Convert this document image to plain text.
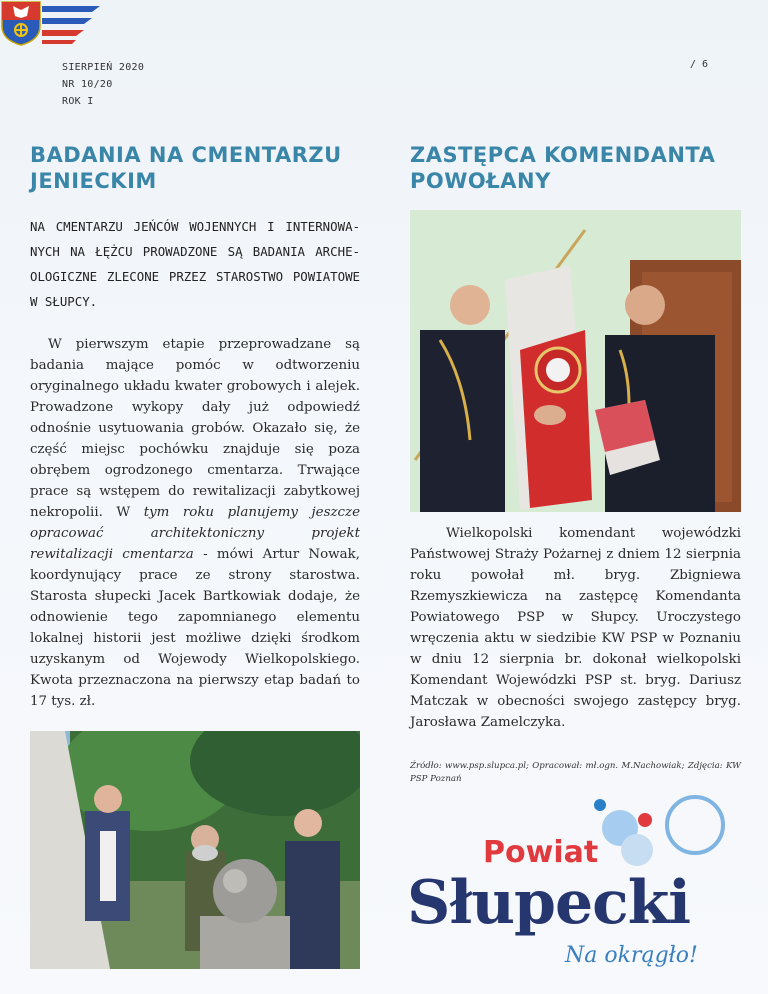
SIERPIEŃ 2020
NR 10/20
ROK I
/ 6
BADANIA NA CMENTARZU JENIECKIM

NA CMENTARZU JEŃCÓW WOJENNYCH I INTERNOWANYCH NA ŁĘŻCU PROWADZONE SĄ BADANIA ARCHEOLOGICZNE ZLECONE PRZEZ STAROSTWO POWIATOWE W SŁUPCY.

W pierwszym etapie przeprowadzane są badania mające pomóc w odtworzeniu oryginalnego układu kwater grobowych i alejek. Prowadzone wykopy dały już odpowiedź odnośnie usytuowania grobów. Okazało się, że część miejsc pochówku znajduje się poza obrębem ogrodzonego cmentarza. Trwające prace są wstępem do rewitalizacji zabytkowej nekropolii. W tym roku planujemy jeszcze opracować architektoniczny projekt rewitalizacji cmentarza - mówi Artur Nowak, koordynujący prace ze strony starostwa. Starosta słupecki Jacek Bartkowiak dodaje, że odnowienie tego zapomnianego elementu lokalnej historii jest możliwe dzięki środkom uzyskanym od Wojewody Wielkopolskiego. Kwota przeznaczona na pierwszy etap badań to 17 tys. zł.

ZASTĘPCA KOMENDANTA POWOŁANY

Wielkopolski komendant wojewódzki Państwowej Straży Pożarnej z dniem 12 sierpnia roku powołał mł. bryg. Zbigniewa Rzemyszkiewicza na zastępcę Komendanta Powiatowego PSP w Słupcy. Uroczystego wręczenia aktu w siedzibie KW PSP w Poznaniu w dniu 12 sierpnia br. dokonał wielkopolski Komendant Wojewódzki PSP st. bryg. Dariusz Matczak w obecności swojego zastępcy bryg. Jarosława Zamelczyka.

Źródło: www.psp.slupca.pl; Opracował: mł.ogn. M.Nachowiak; Zdjęcia: KW PSP Poznań

Powiat
Słupecki
Na okrągło!
